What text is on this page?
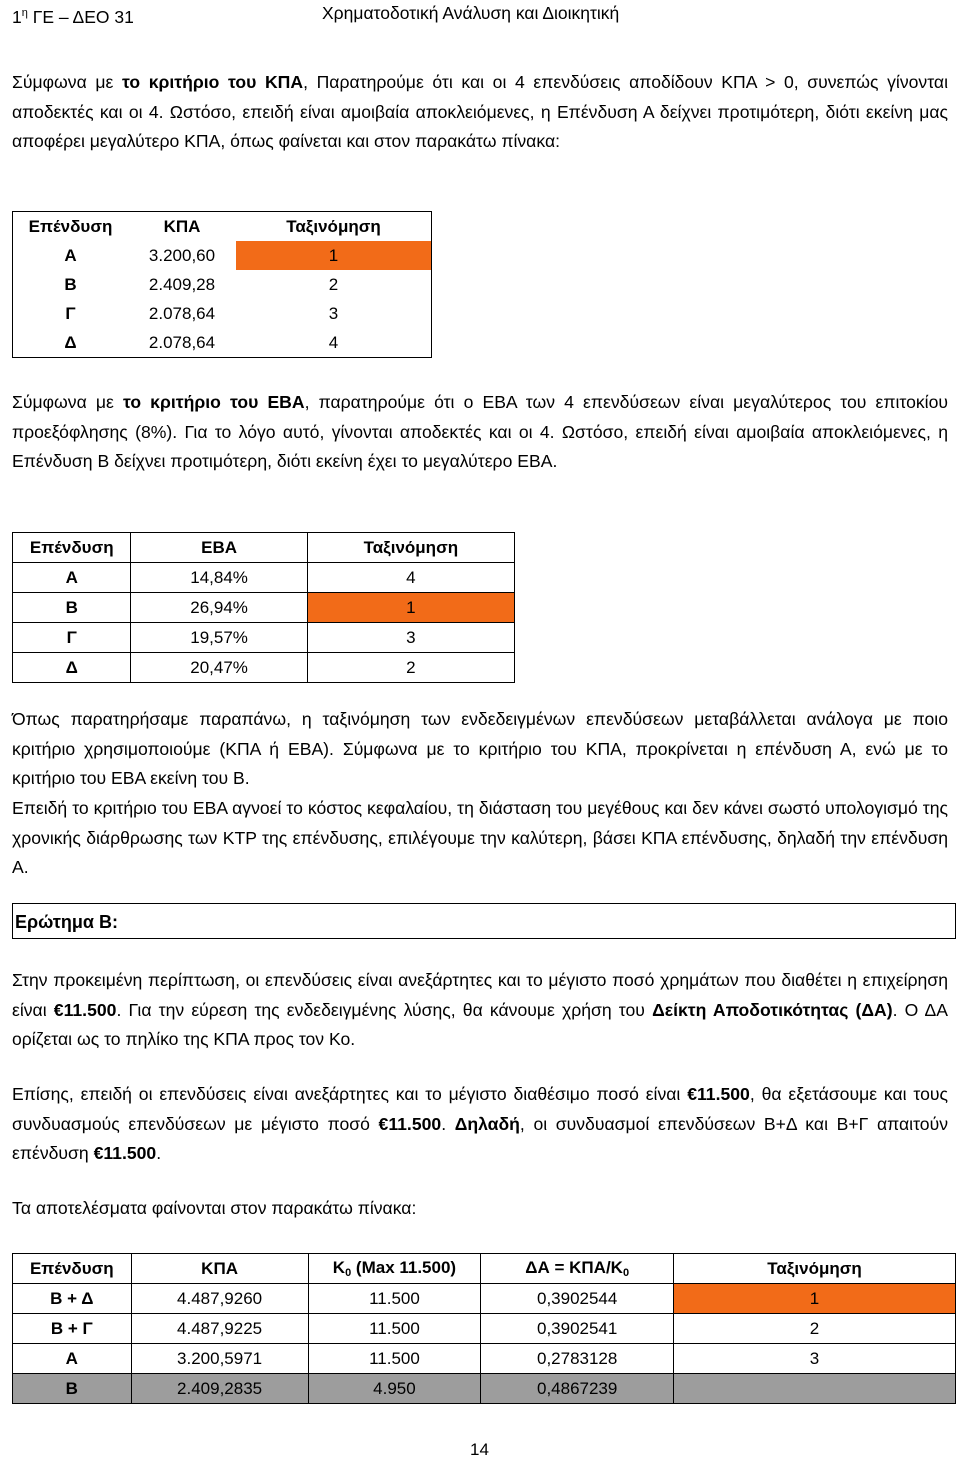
$1^\eta$ ΓΕ – ΔΕΟ 31	Χρηματοδοτική Ανάλυση και Διοικητική

Σύμφωνα με το κριτήριο του ΚΠΑ, Παρατηρούμε ότι και οι 4 επενδύσεις αποδίδουν ΚΠΑ > 0, συνεπώς γίνονται αποδεκτές και οι 4. Ωστόσο, επειδή είναι αμοιβαία αποκλειόμενες, η Επένδυση Α δείχνει προτιμότερη, διότι εκείνη μας αποφέρει μεγαλύτερο ΚΠΑ, όπως φαίνεται και στον παρακάτω πίνακα:

Επένδυση	ΚΠΑ	Ταξινόμηση
Α	3.200,60	1
Β	2.409,28	2
Γ	2.078,64	3
Δ	2.078,64	4

Σύμφωνα με το κριτήριο του ΕΒΑ, παρατηρούμε ότι ο ΕΒΑ των 4 επενδύσεων είναι μεγαλύτερος του επιτοκίου προεξόφλησης (8%). Για το λόγο αυτό, γίνονται αποδεκτές και οι 4. Ωστόσο, επειδή είναι αμοιβαία αποκλειόμενες, η Επένδυση Β δείχνει προτιμότερη, διότι εκείνη έχει το μεγαλύτερο ΕΒΑ.

Επένδυση	ΕΒΑ	Ταξινόμηση
Α	14,84%	4
Β	26,94%	1
Γ	19,57%	3
Δ	20,47%	2

Όπως παρατηρήσαμε παραπάνω, η ταξινόμηση των ενδεδειγμένων επενδύσεων μεταβάλλεται ανάλογα με ποιο κριτήριο χρησιμοποιούμε (ΚΠΑ ή ΕΒΑ). Σύμφωνα με το κριτήριο του ΚΠΑ, προκρίνεται η επένδυση Α, ενώ με το κριτήριο του ΕΒΑ εκείνη του Β.

Επειδή το κριτήριο του ΕΒΑ αγνοεί το κόστος κεφαλαίου, τη διάσταση του μεγέθους και δεν κάνει σωστό υπολογισμό της χρονικής διάρθρωσης των ΚΤΡ της επένδυσης, επιλέγουμε την καλύτερη, βάσει ΚΠΑ επένδυσης, δηλαδή την επένδυση Α.

Ερώτημα Β:

Στην προκειμένη περίπτωση, οι επενδύσεις είναι ανεξάρτητες και το μέγιστο ποσό χρημάτων που διαθέτει η επιχείρηση είναι €11.500. Για την εύρεση της ενδεδειγμένης λύσης, θα κάνουμε χρήση του Δείκτη Αποδοτικότητας (ΔΑ). Ο ΔΑ ορίζεται ως το πηλίκο της ΚΠΑ προς τον Κο.

Επίσης, επειδή οι επενδύσεις είναι ανεξάρτητες και το μέγιστο διαθέσιμο ποσό είναι €11.500, θα εξετάσουμε και τους συνδυασμούς επενδύσεων με μέγιστο ποσό €11.500. Δηλαδή, οι συνδυασμοί επενδύσεων Β+Δ και Β+Γ απαιτούν επένδυση €11.500.

Τα αποτελέσματα φαίνονται στον παρακάτω πίνακα:

Επένδυση	ΚΠΑ	$K_0$ (Max 11.500)	ΔΑ = ΚΠΑ/$K_0$	Ταξινόμηση
Β + Δ	4.487,9260	11.500	0,3902544	1
Β + Γ	4.487,9225	11.500	0,3902541	2
Α	3.200,5971	11.500	0,2783128	3
Β	2.409,2835	4.950	0,4867239	
14
